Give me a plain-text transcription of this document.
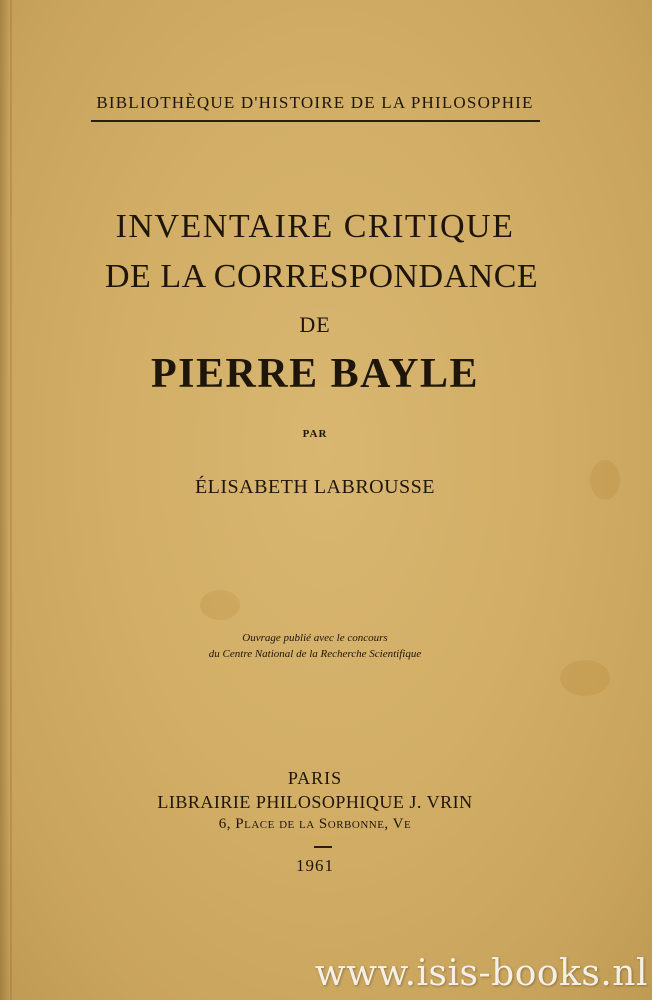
BIBLIOTHÈQUE D'HISTOIRE DE LA PHILOSOPHIE
INVENTAIRE CRITIQUE
DE LA CORRESPONDANCE
DE
PIERRE BAYLE
PAR
ÉLISABETH LABROUSSE
Ouvrage publié avec le concours
du Centre National de la Recherche Scientifique
PARIS
LIBRAIRIE PHILOSOPHIQUE J. VRIN
6, Place de la Sorbonne, Ve
1961
www.isis-books.nl
